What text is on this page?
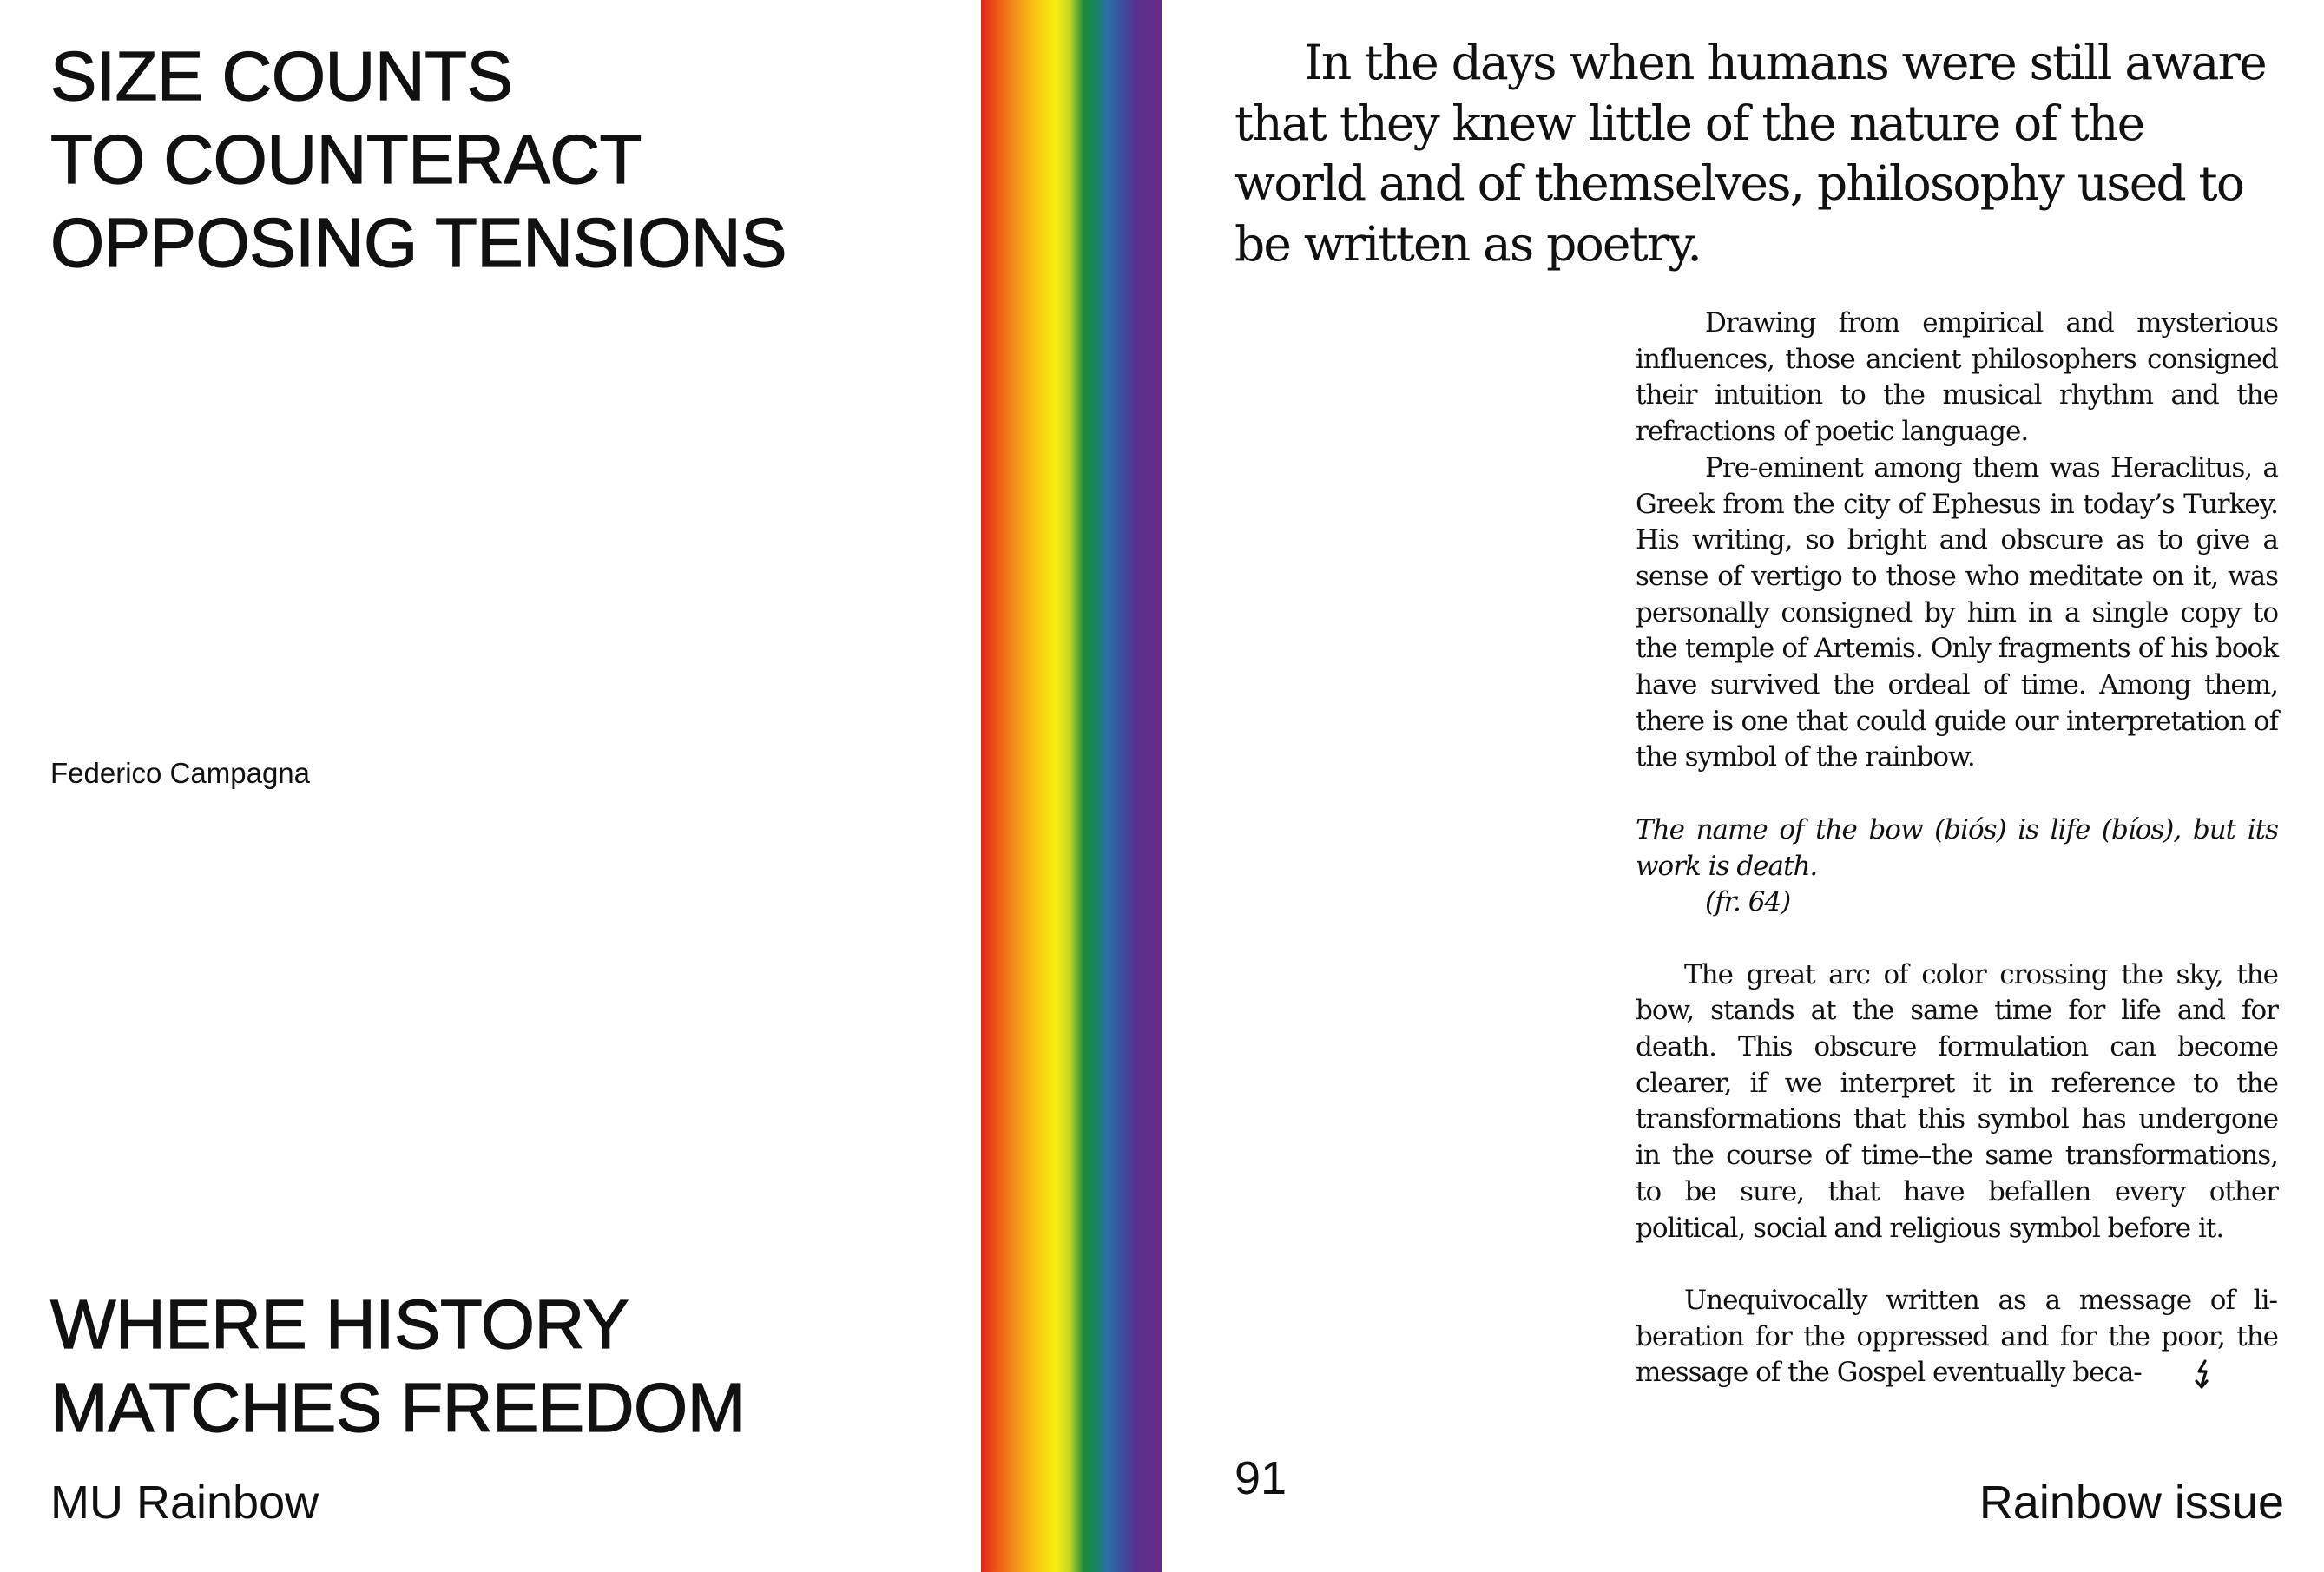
SIZE COUNTS
TO COUNTERACT
OPPOSING TENSIONS
Federico Campagna
WHERE HISTORY
MATCHES FREEDOM
MU Rainbow

In the days when humans were still aware that they knew little of the nature of the world and of themselves, philosophy used to be written as poetry.

Drawing from empirical and mysterious influences, those ancient philosophers consigned their intuition to the musical rhythm and the refractions of poetic language.

Pre-eminent among them was Heraclitus, a Greek from the city of Ephesus in today’s Turkey. His writing, so bright and obscure as to give a sense of vertigo to those who meditate on it, was personally consigned by him in a single copy to the temple of Artemis. Only fragments of his book have survived the ordeal of time. Among them, there is one that could guide our interpretation of the symbol of the rainbow.

The name of the bow (biós) is life (bíos), but its work is death.

(fr. 64)

The great arc of color crossing the sky, the bow, stands at the same time for life and for death. This obscure formulation can become clearer, if we interpret it in reference to the transformations that this symbol has undergone in the course of time–the same transformations, to be sure, that have befallen every other political, social and religious symbol before it.

Unequivocally written as a message of liberation for the oppressed and for the poor, the message of the Gospel eventually beca-

91	Rainbow issue
